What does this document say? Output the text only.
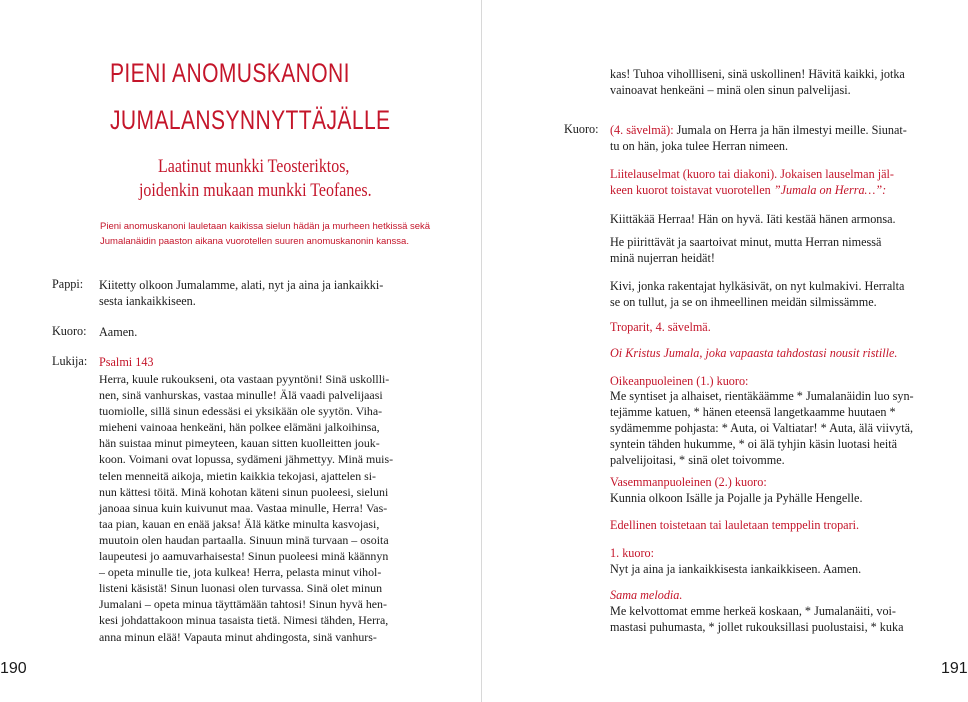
PIENI ANOMUSKANONI
JUMALANSYNNYTTÄJÄLLE
Laatinut munkki Teosteriktos,
joidenkin mukaan munkki Teofanes.
Pieni anomuskanoni lauletaan kaikissa sielun hädän ja murheen hetkissä sekä
Jumalanäidin paaston aikana vuorotellen suuren anomuskanonin kanssa.
Pappi: Kiitetty olkoon Jumalamme, alati, nyt ja aina ja iankaikki-
sesta iankaikkiseen.
Kuoro: Aamen.
Lukija: Psalmi 143
Herra, kuule rukoukseni, ota vastaan pyyntöni! Sinä uskollli-
nen, sinä vanhurskas, vastaa minulle! Älä vaadi palvelijaasi
tuomiolle, sillä sinun edessäsi ei yksikään ole syytön. Viha-
mieheni vainoaa henkeäni, hän polkee elämäni jalkoihinsa,
hän suistaa minut pimeyteen, kauan sitten kuolleitten jouk-
koon. Voimani ovat lopussa, sydämeni jähmettyy. Minä muis-
telen menneitä aikoja, mietin kaikkia tekojasi, ajattelen si-
nun kättesi töitä. Minä kohotan käteni sinun puoleesi, sieluni
janoaa sinua kuin kuivunut maa. Vastaa minulle, Herra! Vas-
taa pian, kauan en enää jaksa! Älä kätke minulta kasvojasi,
muutoin olen haudan partaalla. Sinuun minä turvaan – osoita
laupeutesi jo aamuvarhaisesta! Sinun puoleesi minä käännyn
– opeta minulle tie, jota kulkea! Herra, pelasta minut vihol-
listeni käsistä! Sinun luonasi olen turvassa. Sinä olet minun
Jumalani – opeta minua täyttämään tahtosi! Sinun hyvä hen-
kesi johdattakoon minua tasaista tietä. Nimesi tähden, Herra,
anna minun elää! Vapauta minut ahdingosta, sinä vanhurs-
190
kas! Tuhoa vihollliseni, sinä uskollinen! Hävitä kaikki, jotka
vainoavat henkeäni – minä olen sinun palvelijasi.
Kuoro: (4. sävelmä): Jumala on Herra ja hän ilmestyi meille. Siunat-
tu on hän, joka tulee Herran nimeen.
Liitelauselmat (kuoro tai diakoni). Jokaisen lauselman jäl-
keen kuorot toistavat vuorotellen ”Jumala on Herra…”:
Kiittäkää Herraa! Hän on hyvä. Iäti kestää hänen armonsa.
He piirittävät ja saartoivat minut, mutta Herran nimessä
minä nujerran heidät!
Kivi, jonka rakentajat hylkäsivät, on nyt kulmakivi. Herralta
se on tullut, ja se on ihmeellinen meidän silmissämme.
Troparit, 4. sävelmä.
Oi Kristus Jumala, joka vapaasta tahdostasi nousit ristille.
Oikeanpuoleinen (1.) kuoro:
Me syntiset ja alhaiset, rientäkäämme * Jumalanäidin luo syn-
tejämme katuen, * hänen eteensä langetkaamme huutaen *
sydämemme pohjasta: * Auta, oi Valtiatar! * Auta, älä viivytä,
syntein tähden hukumme, * oi älä tyhjin käsin luotasi heitä
palvelijoitasi, * sinä olet toivomme.
Vasemmanpuoleinen (2.) kuoro:
Kunnia olkoon Isälle ja Pojalle ja Pyhälle Hengelle.
Edellinen toistetaan tai lauletaan temppelin tropari.
1. kuoro:
Nyt ja aina ja iankaikkisesta iankaikkiseen. Aamen.
Sama melodia.
Me kelvottomat emme herkeä koskaan, * Jumalanäiti, voi-
mastasi puhumasta, * jollet rukouksillasi puolustaisi, * kuka
191
